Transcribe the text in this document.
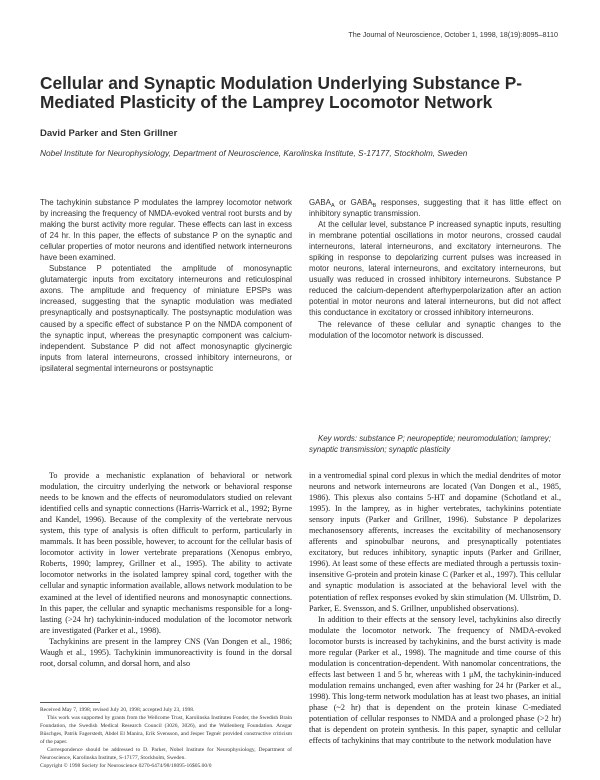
The Journal of Neuroscience, October 1, 1998, 18(19):8095–8110
Cellular and Synaptic Modulation Underlying Substance P-Mediated Plasticity of the Lamprey Locomotor Network

David Parker and Sten Grillner

Nobel Institute for Neurophysiology, Department of Neuroscience, Karolinska Institute, S-17177, Stockholm, Sweden

The tachykinin substance P modulates the lamprey locomotor network by increasing the frequency of NMDA-evoked ventral root bursts and by making the burst activity more regular. These effects can last in excess of 24 hr. In this paper, the effects of substance P on the synaptic and cellular properties of motor neurons and identified network interneurons have been examined.

Substance P potentiated the amplitude of monosynaptic glutamatergic inputs from excitatory interneurons and reticulospinal axons. The amplitude and frequency of miniature EPSPs was increased, suggesting that the synaptic modulation was mediated presynaptically and postsynaptically. The postsynaptic modulation was caused by a specific effect of substance P on the NMDA component of the synaptic input, whereas the presynaptic component was calcium-independent. Substance P did not affect monosynaptic glycinergic inputs from lateral interneurons, crossed inhibitory interneurons, or ipsilateral segmental interneurons or postsynaptic

$GABA_A$ or $GABA_B$ responses, suggesting that it has little effect on inhibitory synaptic transmission.

At the cellular level, substance P increased synaptic inputs, resulting in membrane potential oscillations in motor neurons, crossed caudal interneurons, lateral interneurons, and excitatory interneurons. The spiking in response to depolarizing current pulses was increased in motor neurons, lateral interneurons, and excitatory interneurons, but usually was reduced in crossed inhibitory interneurons. Substance P reduced the calcium-dependent afterhyperpolarization after an action potential in motor neurons and lateral interneurons, but did not affect this conductance in excitatory or crossed inhibitory interneurons.

The relevance of these cellular and synaptic changes to the modulation of the locomotor network is discussed.

Key words: substance P; neuropeptide; neuromodulation; lamprey; synaptic transmission; synaptic plasticity

To provide a mechanistic explanation of behavioral or network modulation, the circuitry underlying the network or behavioral response needs to be known and the effects of neuromodulators studied on relevant identified cells and synaptic connections (Harris-Warrick et al., 1992; Byrne and Kandel, 1996). Because of the complexity of the vertebrate nervous system, this type of analysis is often difficult to perform, particularly in mammals. It has been possible, however, to account for the cellular basis of locomotor activity in lower vertebrate preparations (Xenopus embryo, Roberts, 1990; lamprey, Grillner et al., 1995). The ability to activate locomotor networks in the isolated lamprey spinal cord, together with the cellular and synaptic information available, allows network modulation to be examined at the level of identified neurons and monosynaptic connections. In this paper, the cellular and synaptic mechanisms responsible for a long-lasting (>24 hr) tachykinin-induced modulation of the locomotor network are investigated (Parker et al., 1998).

Tachykinins are present in the lamprey CNS (Van Dongen et al., 1986; Waugh et al., 1995). Tachykinin immunoreactivity is found in the dorsal root, dorsal column, and dorsal horn, and also

in a ventromedial spinal cord plexus in which the medial dendrites of motor neurons and network interneurons are located (Van Dongen et al., 1985, 1986). This plexus also contains 5-HT and dopamine (Schotland et al., 1995). In the lamprey, as in higher vertebrates, tachykinins potentiate sensory inputs (Parker and Grillner, 1996). Substance P depolarizes mechanosensory afferents, increases the excitability of mechanosensory afferents and spinobulbar neurons, and presynaptically potentiates excitatory, but reduces inhibitory, synaptic inputs (Parker and Grillner, 1996). At least some of these effects are mediated through a pertussis toxin-insensitive G-protein and protein kinase C (Parker et al., 1997). This cellular and synaptic modulation is associated at the behavioral level with the potentiation of reflex responses evoked by skin stimulation (M. Ullström, D. Parker, E. Svensson, and S. Grillner, unpublished observations).

In addition to their effects at the sensory level, tachykinins also directly modulate the locomotor network. The frequency of NMDA-evoked locomotor bursts is increased by tachykinins, and the burst activity is made more regular (Parker et al., 1998). The magnitude and time course of this modulation is concentration-dependent. With nanomolar concentrations, the effects last between 1 and 5 hr, whereas with 1 μM, the tachykinin-induced modulation remains unchanged, even after washing for 24 hr (Parker et al., 1998). This long-term network modulation has at least two phases, an initial phase (~2 hr) that is dependent on the protein kinase C-mediated potentiation of cellular responses to NMDA and a prolonged phase (>2 hr) that is dependent on protein synthesis. In this paper, synaptic and cellular effects of tachykinins that may contribute to the network modulation have

Received May 7, 1998; revised July 20, 1998; accepted July 23, 1998.

This work was supported by grants from the Wellcome Trust, Karolinska Institutes Fonder, the Swedish Brain Foundation, the Swedish Medical Research Council (3026, 3026), and the Wallenberg Foundation. Ansgar Büschges, Patrik Fagerstedt, Abdel El Manira, Erik Svensson, and Jesper Tegnér provided constructive criticism of the paper.

Correspondence should be addressed to D. Parker, Nobel Institute for Neurophysiology, Department of Neuroscience, Karolinska Institute, S-17177, Stockholm, Sweden.

Copyright © 1998 Society for Neuroscience 0270-6474/98/18095-16$05.00/0
